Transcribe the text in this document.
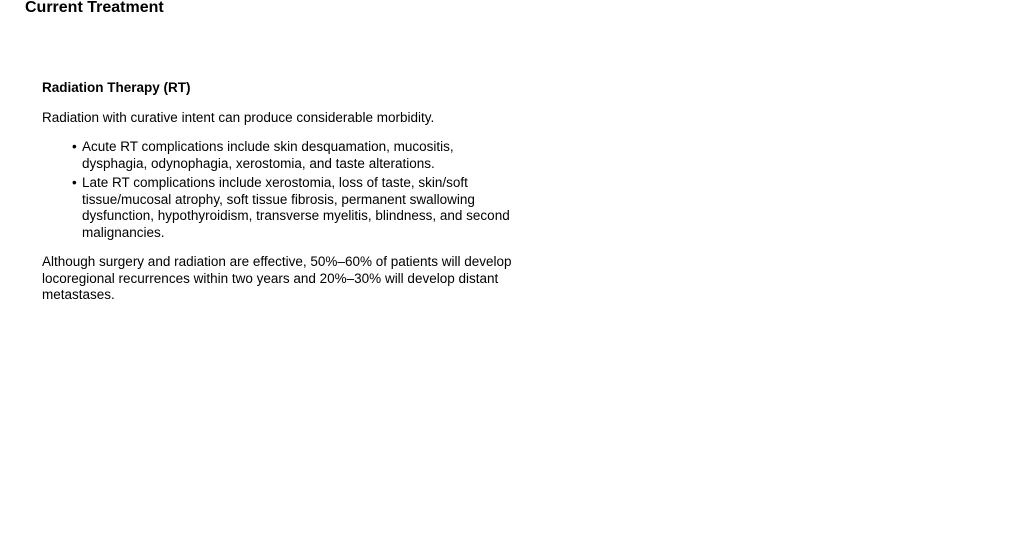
Current Treatment
Radiation Therapy (RT)

Radiation with curative intent can produce considerable morbidity.

• Acute RT complications include skin desquamation, mucositis, dysphagia, odynophagia, xerostomia, and taste alterations.
• Late RT complications include xerostomia, loss of taste, skin/soft tissue/mucosal atrophy, soft tissue fibrosis, permanent swallowing dysfunction, hypothyroidism, transverse myelitis, blindness, and second malignancies.

Although surgery and radiation are effective, 50%–60% of patients will develop locoregional recurrences within two years and 20%–30% will develop distant metastases.
